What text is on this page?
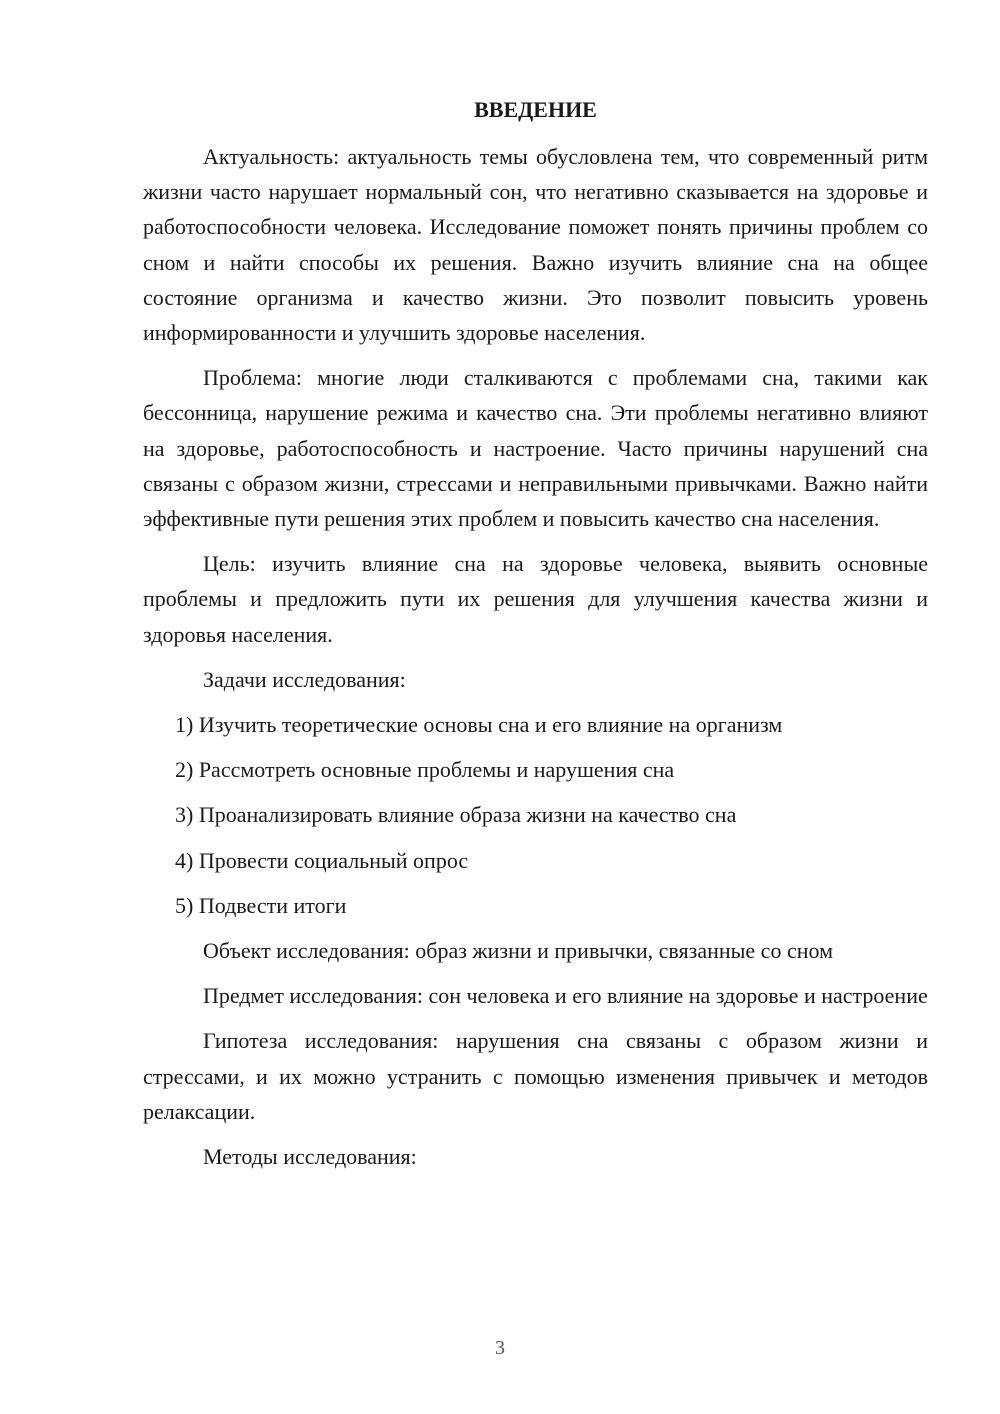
ВВЕДЕНИЕ

Актуальность: актуальность темы обусловлена тем, что современный ритм жизни часто нарушает нормальный сон, что негативно сказывается на здоровье и работоспособности человека. Исследование поможет понять причины проблем со сном и найти способы их решения. Важно изучить влияние сна на общее состояние организма и качество жизни. Это позволит повысить уровень информированности и улучшить здоровье населения.

Проблема: многие люди сталкиваются с проблемами сна, такими как бессонница, нарушение режима и качество сна. Эти проблемы негативно влияют на здоровье, работоспособность и настроение. Часто причины нарушений сна связаны с образом жизни, стрессами и неправильными привычками. Важно найти эффективные пути решения этих проблем и повысить качество сна населения.

Цель: изучить влияние сна на здоровье человека, выявить основные проблемы и предложить пути их решения для улучшения качества жизни и здоровья населения.

Задачи исследования:
1) Изучить теоретические основы сна и его влияние на организм
2) Рассмотреть основные проблемы и нарушения сна
3) Проанализировать влияние образа жизни на качество сна
4) Провести социальный опрос
5) Подвести итоги

Объект исследования: образ жизни и привычки, связанные со сном

Предмет исследования: сон человека и его влияние на здоровье и настроение

Гипотеза исследования: нарушения сна связаны с образом жизни и стрессами, и их можно устранить с помощью изменения привычек и методов релаксации.

Методы исследования:
3
